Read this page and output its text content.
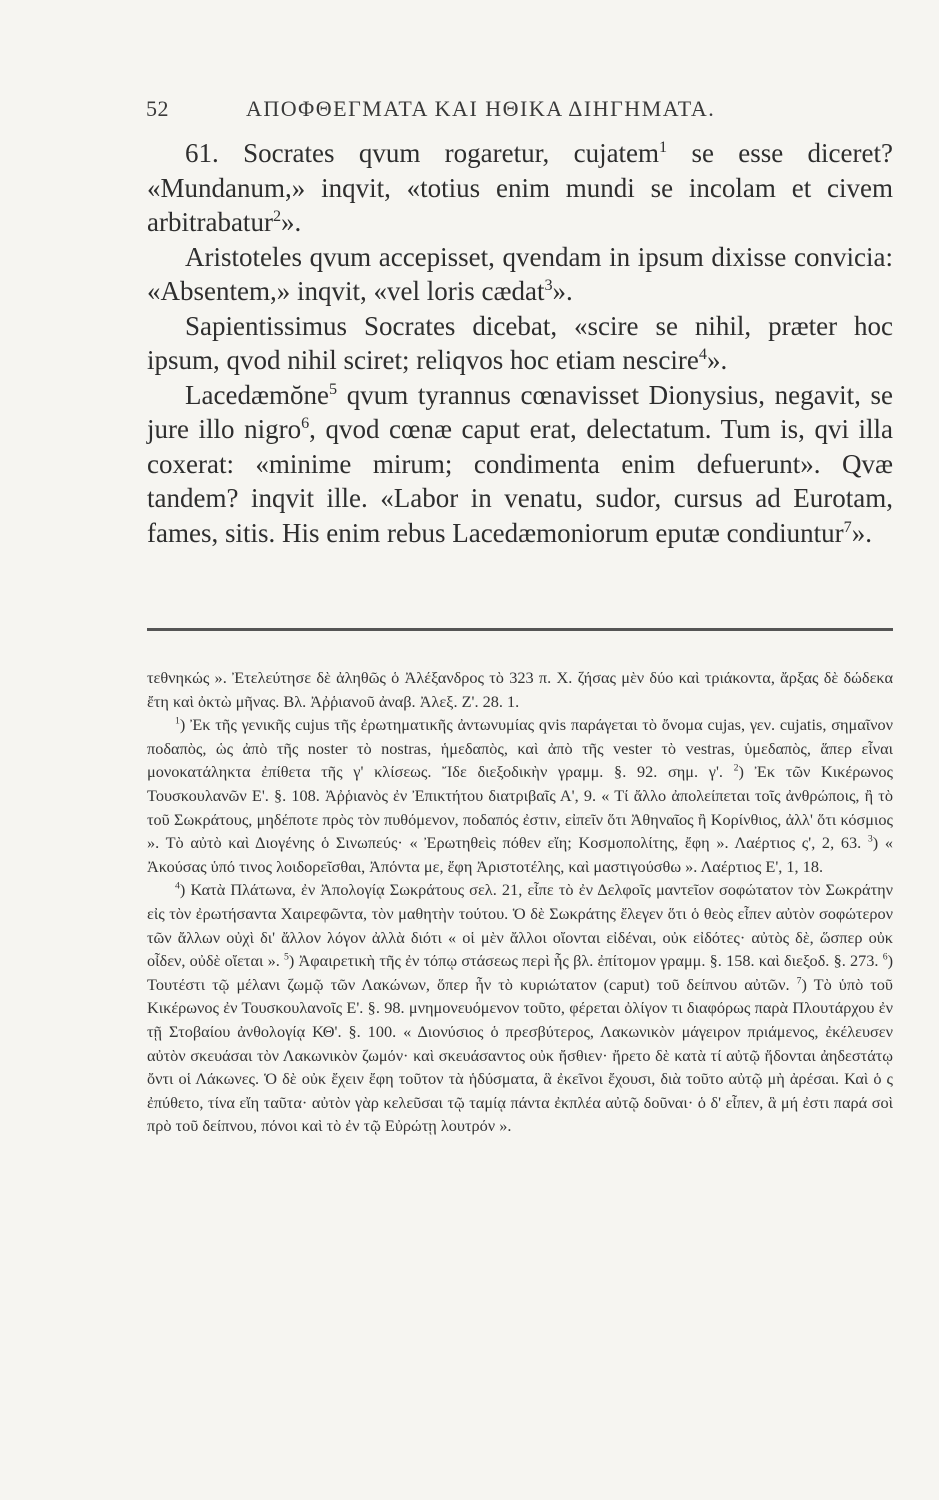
52	ΑΠΟΦΘΕΓΜΑΤΑ ΚΑΙ ΗΘΙΚΑ ΔΙΗΓΗΜΑΤΑ.

61. Socrates qvum rogaretur, cujatem$^1$ se esse diceret? «Mundanum,» inqvit, «totius enim mundi se incolam et civem arbitrabatur$^2$».

Aristoteles qvum accepisset, qvendam in ipsum dixisse convicia: «Absentem,» inqvit, «vel loris cædat$^3$».

Sapientissimus Socrates dicebat, «scire se nihil, præter hoc ipsum, qvod nihil sciret; reliqvos hoc etiam nescire$^4$».

Lacedæmŏne$^5$ qvum tyrannus cœnavisset Dionysius, negavit, se jure illo nigro$^6$, qvod cœnæ caput erat, delectatum. Tum is, qvi illa coxerat: «minime mirum; condimenta enim defuerunt». Qvæ tandem? inqvit ille. «Labor in venatu, sudor, cursus ad Eurotam, fames, sitis. His enim rebus Lacedæmoniorum eputæ condiuntur$^7$».

τεθνηκώς ». Ἐτελεύτησε δὲ ἀληθῶς ὁ Ἀλέξανδρος τὸ 323 π. Χ. ζήσας μὲν δύο καὶ τριάκοντα, ἄρξας δὲ δώδεκα ἔτη καὶ ὀκτὼ μῆνας. Βλ. Ἀῤῥιανοῦ ἀναβ. Ἀλεξ. Ζ'. 28. 1.

$^1$) Ἐκ τῆς γενικῆς cujus τῆς ἐρωτηματικῆς ἀντωνυμίας qvis παράγεται τὸ ὄνομα cujas, γεν. cujatis, σημαῖνον ποδαπὸς, ὡς ἀπὸ τῆς noster τὸ nostras, ἡμεδαπὸς, καὶ ἀπὸ τῆς vester τὸ vestras, ὑμεδαπὸς, ἅπερ εἶναι μονοκατάληκτα ἐπίθετα τῆς γ' κλίσεως. Ἴδε διεξοδικὴν γραμμ. §. 92. σημ. γ'. $^2$) Ἐκ τῶν Κικέρωνος Τουσκουλανῶν Ε'. §. 108. Ἀῤῥιανὸς ἐν Ἐπικτήτου διατριβαῖς Α', 9. « Τί ἄλλο ἀπολείπεται τοῖς ἀνθρώποις, ἢ τὸ τοῦ Σωκράτους, μηδέποτε πρὸς τὸν πυθόμενον, ποδαπός ἐστιν, εἰπεῖν ὅτι Ἀθηναῖος ἢ Κορίνθιος, ἀλλ' ὅτι κόσμιος ». Τὸ αὐτὸ καὶ Διογένης ὁ Σινωπεύς· « Ἐρωτηθεὶς πόθεν εἴη; Κοσμοπολίτης, ἔφη ». Λαέρτιος ς', 2, 63. $^3$) « Ἀκούσας ὑπό τινος λοιδορεῖσθαι, Ἀπόντα με, ἔφη Ἀριστοτέλης, καὶ μαστιγούσθω ». Λαέρτιος Ε', 1, 18.

$^4$) Κατὰ Πλάτωνα, ἐν Ἀπολογίᾳ Σωκράτους σελ. 21, εἶπε τὸ ἐν Δελφοῖς μαντεῖον σοφώτατον τὸν Σωκράτην εἰς τὸν ἐρωτήσαντα Χαιρεφῶντα, τὸν μαθητὴν τούτου. Ὁ δὲ Σωκράτης ἔλεγεν ὅτι ὁ θεὸς εἶπεν αὐτὸν σοφώτερον τῶν ἄλλων οὐχὶ δι' ἄλλον λόγον ἀλλὰ διότι « οἱ μὲν ἄλλοι οἴονται εἰδέναι, οὐκ εἰδότες· αὐτὸς δὲ, ὥσπερ οὐκ οἶδεν, οὐδὲ οἴεται ». $^5$) Ἀφαιρετικὴ τῆς ἐν τόπῳ στάσεως περὶ ἧς βλ. ἐπίτομον γραμμ. §. 158. καὶ διεξοδ. §. 273. $^6$) Τουτέστι τῷ μέλανι ζωμῷ τῶν Λακώνων, ὅπερ ἦν τὸ κυριώτατον (caput) τοῦ δείπνου αὐτῶν. $^7$) Τὸ ὑπὸ τοῦ Κικέρωνος ἐν Τουσκουλανοῖς Ε'. §. 98. μνημονευόμενον τοῦτο, φέρεται ὀλίγον τι διαφόρως παρὰ Πλουτάρχου ἐν τῇ Στοβαίου ἀνθολογίᾳ ΚΘ'. §. 100. « Διονύσιος ὁ πρεσβύτερος, Λακωνικὸν μάγειρον πριάμενος, ἐκέλευσεν αὐτὸν σκευάσαι τὸν Λακωνικὸν ζωμόν· καὶ σκευάσαντος οὐκ ἤσθιεν· ἤρετο δὲ κατὰ τί αὐτῷ ἥδονται ἀηδεστάτῳ ὄντι οἱ Λάκωνες. Ὁ δὲ οὐκ ἔχειν ἔφη τοῦτον τὰ ἡδύσματα, ἃ ἐκεῖνοι ἔχουσι, διὰ τοῦτο αὐτῷ μὴ ἀρέσαι. Καὶ ὁ ς ἐπύθετο, τίνα εἴη ταῦτα· αὐτὸν γὰρ κελεῦσαι τῷ ταμίᾳ πάντα ἐκπλέα αὐτῷ δοῦναι· ὁ δ' εἶπεν, ἃ μή ἐστι παρά σοὶ πρὸ τοῦ δείπνου, πόνοι καὶ τὸ ἐν τῷ Εὐρώτῃ λουτρόν ».
